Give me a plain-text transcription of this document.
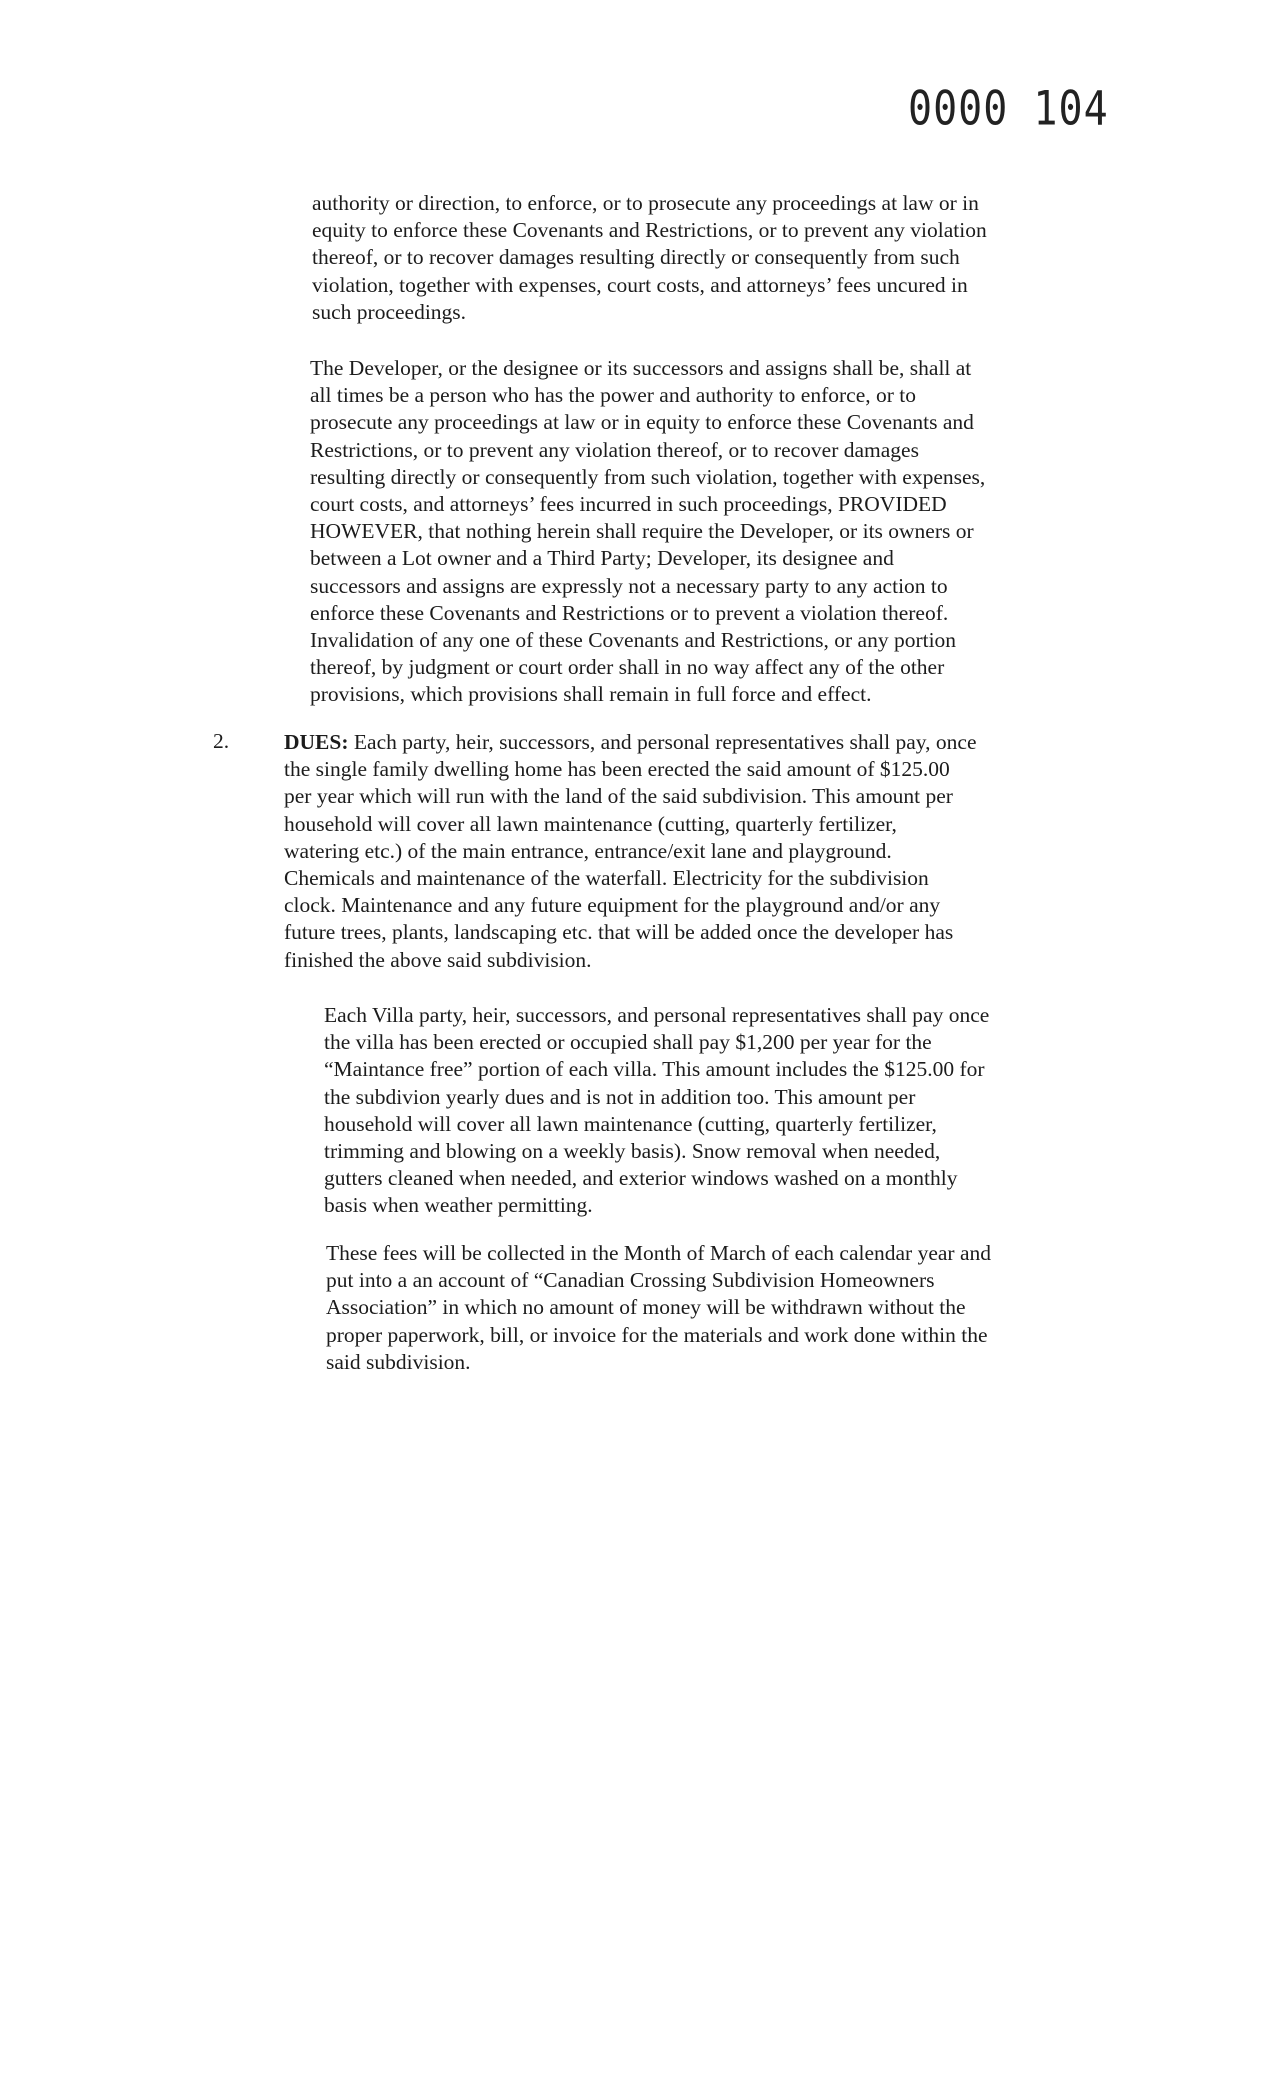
0000 104

authority or direction, to enforce, or to prosecute any proceedings at law or in
equity to enforce these Covenants and Restrictions, or to prevent any violation
thereof, or to recover damages resulting directly or consequently from such
violation, together with expenses, court costs, and attorneys’ fees uncured in
such proceedings.

The Developer, or the designee or its successors and assigns shall be, shall at
all times be a person who has the power and authority to enforce, or to
prosecute any proceedings at law or in equity to enforce these Covenants and
Restrictions, or to prevent any violation thereof, or to recover damages
resulting directly or consequently from such violation, together with expenses,
court costs, and attorneys’ fees incurred in such proceedings, PROVIDED
HOWEVER, that nothing herein shall require the Developer, or its owners or
between a Lot owner and a Third Party; Developer, its designee and
successors and assigns are expressly not a necessary party to any action to
enforce these Covenants and Restrictions or to prevent a violation thereof.
Invalidation of any one of these Covenants and Restrictions, or any portion
thereof, by judgment or court order shall in no way affect any of the other
provisions, which provisions shall remain in full force and effect.

2.	DUES: Each party, heir, successors, and personal representatives shall pay, once
the single family dwelling home has been erected the said amount of $125.00
per year which will run with the land of the said subdivision. This amount per
household will cover all lawn maintenance (cutting, quarterly fertilizer,
watering etc.) of the main entrance, entrance/exit lane and playground.
Chemicals and maintenance of the waterfall. Electricity for the subdivision
clock. Maintenance and any future equipment for the playground and/or any
future trees, plants, landscaping etc. that will be added once the developer has
finished the above said subdivision.

Each Villa party, heir, successors, and personal representatives shall pay once
the villa has been erected or occupied shall pay $1,200 per year for the
“Maintance free” portion of each villa. This amount includes the $125.00 for
the subdivion yearly dues and is not in addition too. This amount per
household will cover all lawn maintenance (cutting, quarterly fertilizer,
trimming and blowing on a weekly basis). Snow removal when needed,
gutters cleaned when needed, and exterior windows washed on a monthly
basis when weather permitting.

These fees will be collected in the Month of March of each calendar year and
put into a an account of “Canadian Crossing Subdivision Homeowners
Association” in which no amount of money will be withdrawn without the
proper paperwork, bill, or invoice for the materials and work done within the
said subdivision.
